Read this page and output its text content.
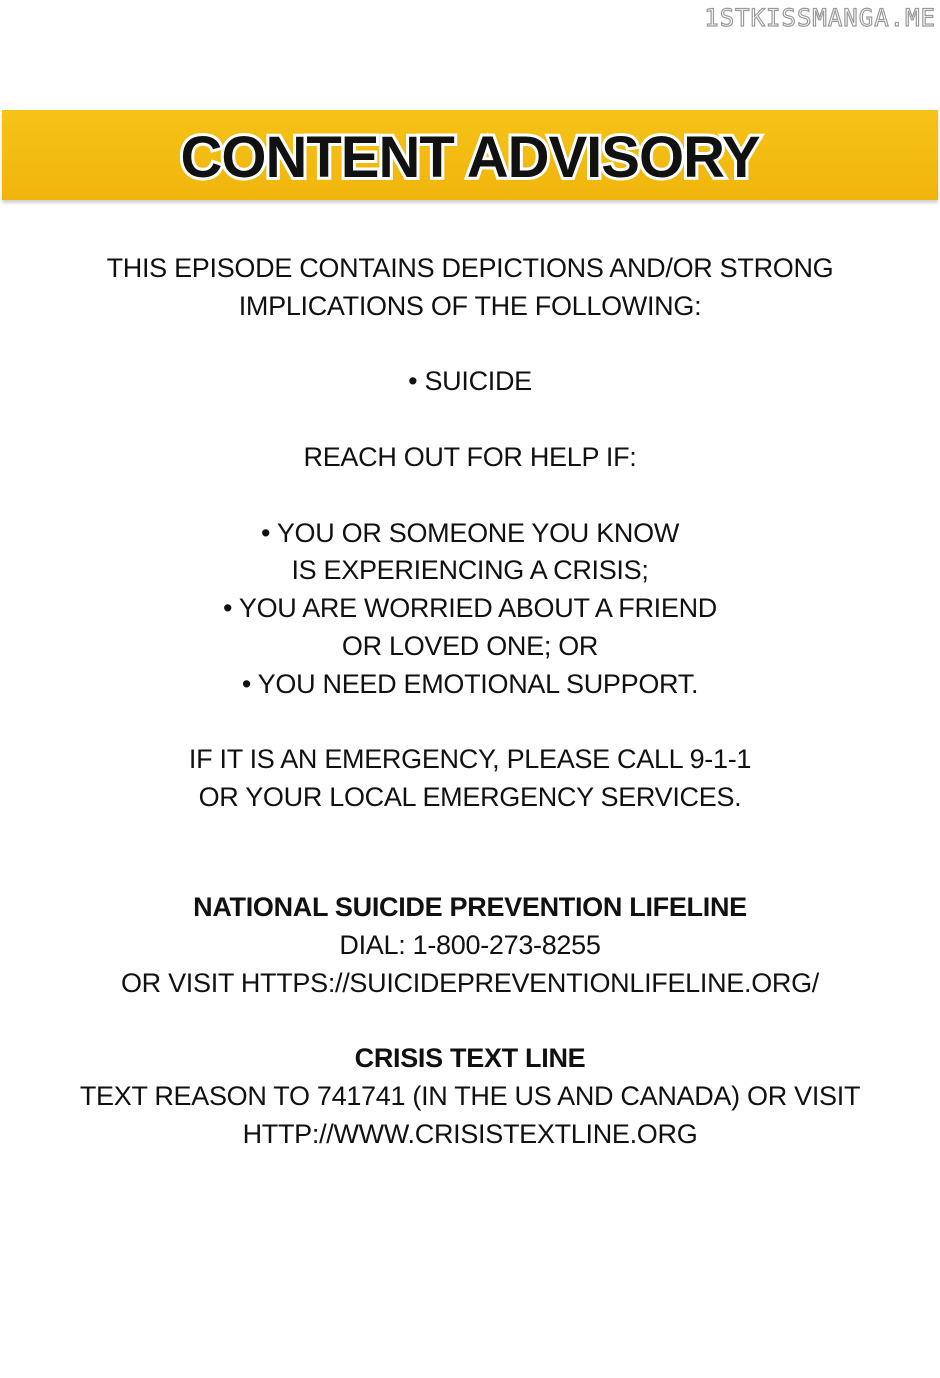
1STKISSMANGA.ME
CONTENT ADVISORY
THIS EPISODE CONTAINS DEPICTIONS AND/OR STRONG
IMPLICATIONS OF THE FOLLOWING:
• SUICIDE
REACH OUT FOR HELP IF:
• YOU OR SOMEONE YOU KNOW
IS EXPERIENCING A CRISIS;
• YOU ARE WORRIED ABOUT A FRIEND
OR LOVED ONE; OR
• YOU NEED EMOTIONAL SUPPORT.
IF IT IS AN EMERGENCY, PLEASE CALL 9-1-1
OR YOUR LOCAL EMERGENCY SERVICES.
NATIONAL SUICIDE PREVENTION LIFELINE
DIAL: 1-800-273-8255
OR VISIT HTTPS://SUICIDEPREVENTIONLIFELINE.ORG/
CRISIS TEXT LINE
TEXT REASON TO 741741 (IN THE US AND CANADA) OR VISIT
HTTP://WWW.CRISISTEXTLINE.ORG
